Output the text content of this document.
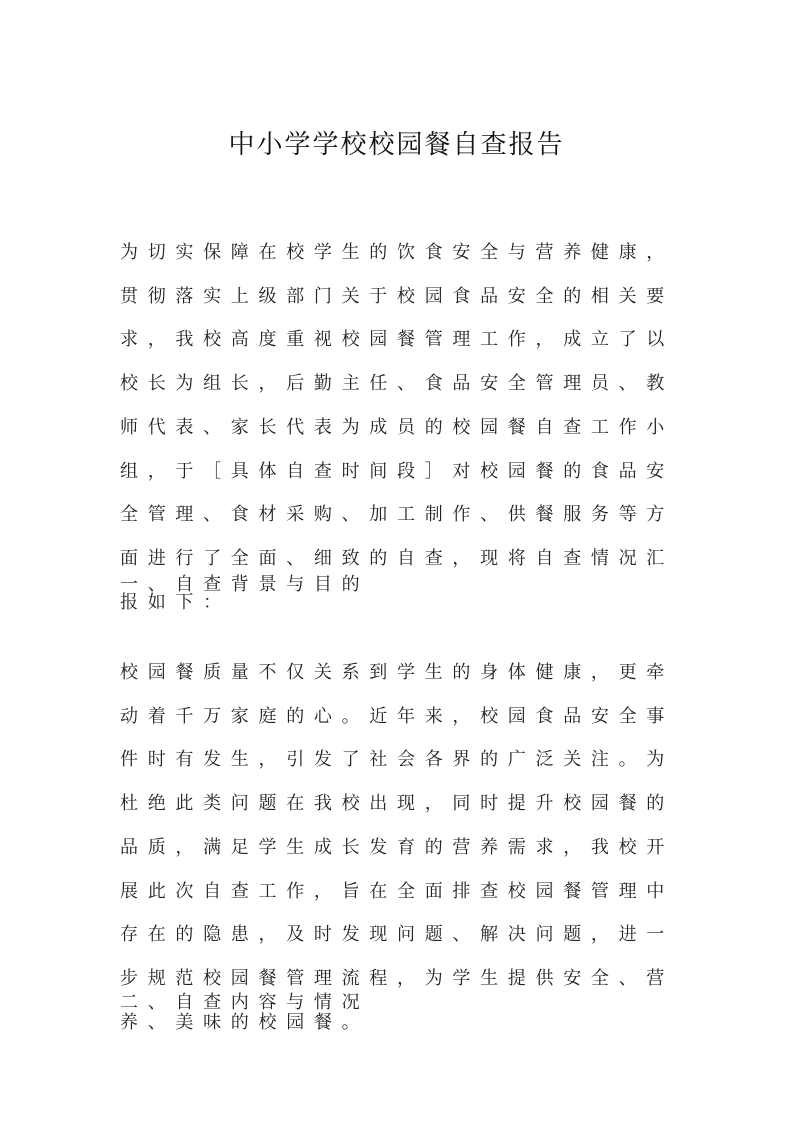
中小学学校校园餐自查报告

为切实保障在校学生的饮食安全与营养健康，贯彻落实上级部门关于校园食品安全的相关要求，我校高度重视校园餐管理工作，成立了以校长为组长，后勤主任、食品安全管理员、教师代表、家长代表为成员的校园餐自查工作小组，于［具体自查时间段］对校园餐的食品安全管理、食材采购、加工制作、供餐服务等方面进行了全面、细致的自查，现将自查情况汇报如下：

一、自查背景与目的

校园餐质量不仅关系到学生的身体健康，更牵动着千万家庭的心。近年来，校园食品安全事件时有发生，引发了社会各界的广泛关注。为杜绝此类问题在我校出现，同时提升校园餐的品质，满足学生成长发育的营养需求，我校开展此次自查工作，旨在全面排查校园餐管理中存在的隐患，及时发现问题、解决问题，进一步规范校园餐管理流程，为学生提供安全、营养、美味的校园餐。

二、自查内容与情况
